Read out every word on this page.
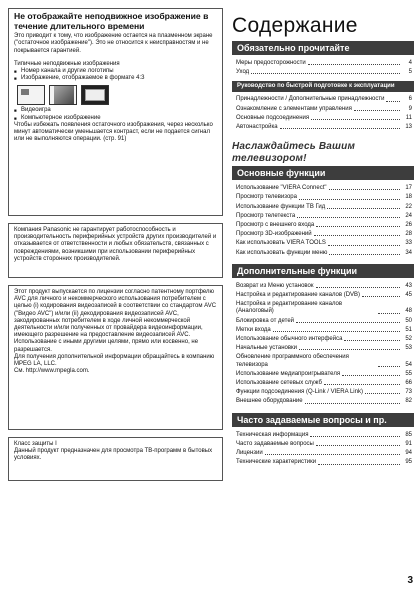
Не отображайте неподвижное изображение в течение длительного времени

Это приводит к тому, что изображение остается на плазменном экране ("остаточное изображение"). Это не относится к неисправностям и не покрывается гарантией.

Типичные неподвижные изображения

■ Номер канала и другие логотипы
■ Изображение, отображаемое в формате 4:3
■ Видеоигра
■ Компьютерное изображение

Чтобы избежать появления остаточного изображения, через несколько минут автоматически уменьшается контраст, если не подается сигнал или не выполняются операции. (стр. 91)

Компания Panasonic не гарантирует работоспособность и производительность периферийных устройств других производителей и отказывается от ответственности и любых обязательств, связанных с повреждениями, возникшими при использовании периферийных устройств сторонних производителей.

Этот продукт выпускается по лицензии согласно патентному портфелю AVC для личного и некоммерческого использования потребителем с целью (i) кодирования видеозаписей в соответствии со стандартом AVC ("Видео AVC") и/или (ii) декодирования видеозаписей AVC, закодированных потребителем в ходе личной некоммерческой деятельности и/или полученных от провайдера видеоинформации, имеющего разрешение на предоставление видеозаписей AVC. Использование с иными другими целями, прямо или косвенно, не разрешается.

Для получения дополнительной информации обращайтесь в компанию MPEG LA, LLC.

См. http://www.mpegla.com.

Класс защиты I

Данный продукт предназначен для просмотра ТВ-программ в бытовых условиях.

Содержание
Обязательно прочитайте
Меры предосторожности	4
Уход	5
Руководство по быстрой подготовке к эксплуатации
Принадлежности / Дополнительные принадлежности	6
Ознакомление с элементами управления	9
Основные подсоединения	11
Автонастройка	13
Наслаждайтесь Вашим телевизором!
Основные функции
Использование "VIERA Connect"	17
Просмотр телевизора	18
Использование функции ТВ Гид	22
Просмотр телетекста	24
Просмотр с внешнего входа	26
Просмотр 3D-изображений	28
Как использовать VIERA TOOLS	33
Как использовать функции меню	34
Дополнительные функции
Возврат из Меню установок	43
Настройка и редактирование каналов (DVB)	45
Настройка и редактирование каналов (Аналоговый)	48
Блокировка от детей	50
Метки входа	51
Использование обычного интерфейса	52
Начальные установки	53
Обновление программного обеспечения телевизора	54
Использование медиапроигрывателя	55
Использование сетевых служб	66
Функции подсоединения (Q-Link / VIERA Link)	73
Внешнее оборудование	82
Часто задаваемые вопросы и пр.
Техническая информация	85
Часто задаваемые вопросы	91
Лицензии	94
Технические характеристики	95
3
